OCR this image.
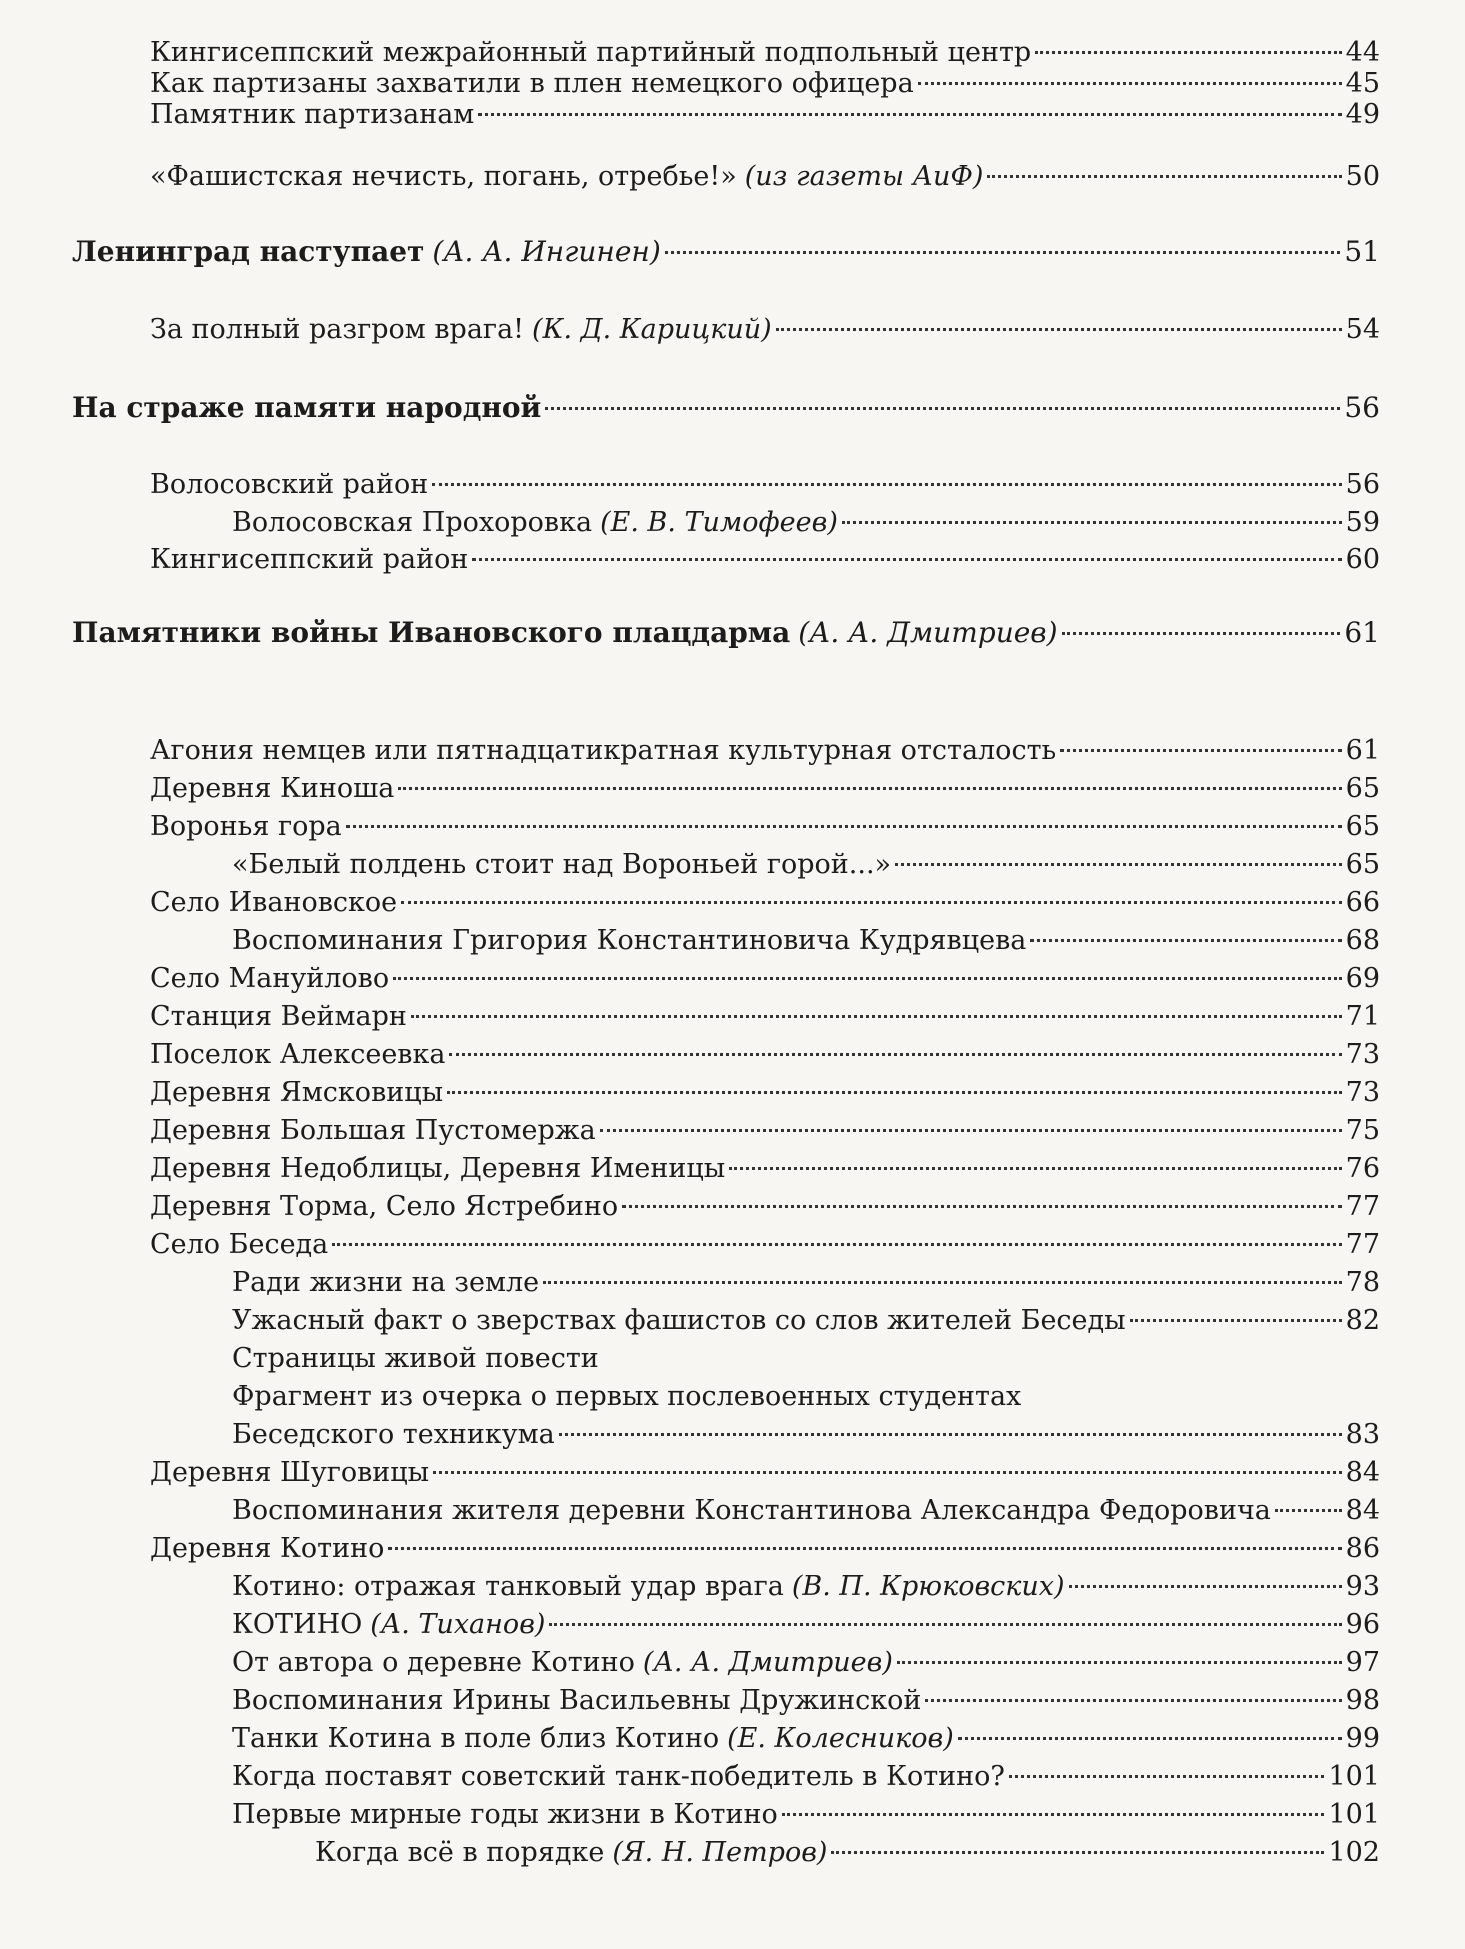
Кингисеппский межрайонный партийный подпольный центр	44
Как партизаны захватили в плен немецкого офицера	45
Памятник партизанам	49
«Фашистская нечисть, погань, отребье!» (из газеты АиФ)	50
Ленинград наступает (А. А. Ингинен)	51
За полный разгром врага! (К. Д. Карицкий)	54
На страже памяти народной	56
Волосовский район	56
Волосовская Прохоровка (Е. В. Тимофеев)	59
Кингисеппский район	60
Памятники войны Ивановского плацдарма (А. А. Дмитриев)	61
Агония немцев или пятнадцатикратная культурная отсталость	61
Деревня Киноша	65
Воронья гора	65
«Белый полдень стоит над Вороньей горой...»	65
Село Ивановское	66
Воспоминания Григория Константиновича Кудрявцева	68
Село Мануйлово	69
Станция Веймарн	71
Поселок Алексеевка	73
Деревня Ямсковицы	73
Деревня Большая Пустомержа	75
Деревня Недоблицы, Деревня Именицы	76
Деревня Торма, Село Ястребино	77
Село Беседа	77
Ради жизни на земле	78
Ужасный факт о зверствах фашистов со слов жителей Беседы	82
Страницы живой повести
Фрагмент из очерка о первых послевоенных студентах
Беседского техникума	83
Деревня Шуговицы	84
Воспоминания жителя деревни Константинова Александра Федоровича	84
Деревня Котино	86
Котино: отражая танковый удар врага (В. П. Крюковских)	93
КОТИНО (А. Тиханов)	96
От автора о деревне Котино (А. А. Дмитриев)	97
Воспоминания Ирины Васильевны Дружинской	98
Танки Котина в поле близ Котино (Е. Колесников)	99
Когда поставят советский танк-победитель в Котино?	101
Первые мирные годы жизни в Котино	101
Когда всё в порядке (Я. Н. Петров)	102
